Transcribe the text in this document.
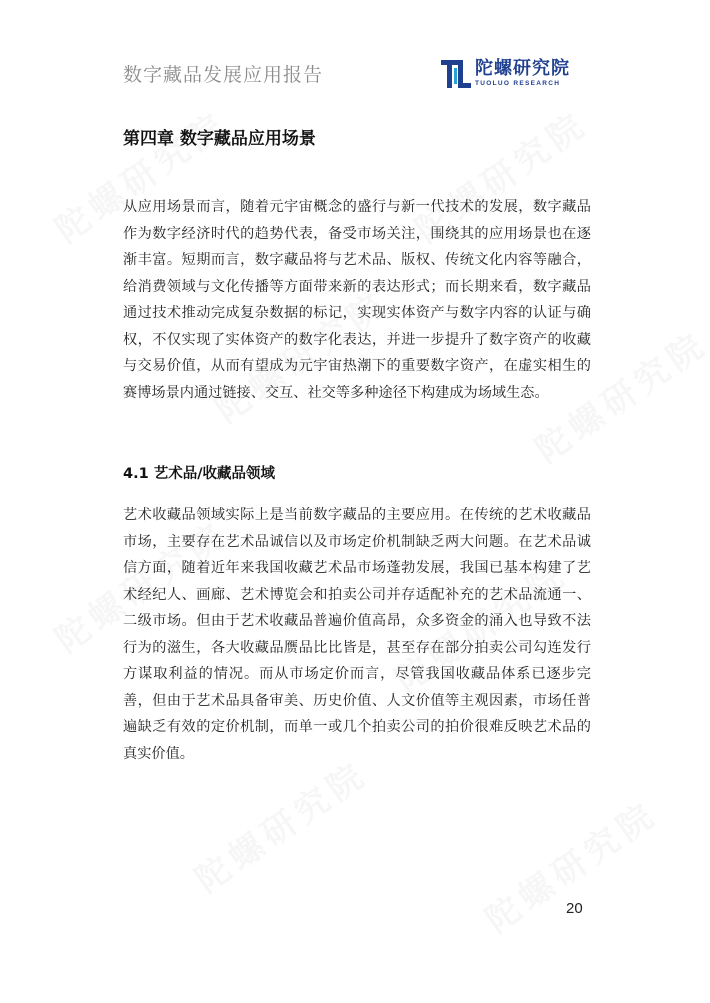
数字藏品发展应用报告	陀螺研究院
TUOLUO RESEARCH
第四章 数字藏品应用场景

从应用场景而言，随着元宇宙概念的盛行与新一代技术的发展，数字藏品作为数字经济时代的趋势代表，备受市场关注，围绕其的应用场景也在逐渐丰富。短期而言，数字藏品将与艺术品、版权、传统文化内容等融合，给消费领域与文化传播等方面带来新的表达形式；而长期来看，数字藏品通过技术推动完成复杂数据的标记，实现实体资产与数字内容的认证与确权，不仅实现了实体资产的数字化表达，并进一步提升了数字资产的收藏与交易价值，从而有望成为元宇宙热潮下的重要数字资产，在虚实相生的赛博场景内通过链接、交互、社交等多种途径下构建成为场域生态。

4.1 艺术品/收藏品领域

艺术收藏品领域实际上是当前数字藏品的主要应用。在传统的艺术收藏品市场，主要存在艺术品诚信以及市场定价机制缺乏两大问题。在艺术品诚信方面，随着近年来我国收藏艺术品市场蓬勃发展，我国已基本构建了艺术经纪人、画廊、艺术博览会和拍卖公司并存适配补充的艺术品流通一、二级市场。但由于艺术收藏品普遍价值高昂，众多资金的涌入也导致不法行为的滋生，各大收藏品赝品比比皆是，甚至存在部分拍卖公司勾连发行方谋取利益的情况。而从市场定价而言，尽管我国收藏品体系已逐步完善，但由于艺术品具备审美、历史价值、人文价值等主观因素，市场任普遍缺乏有效的定价机制，而单一或几个拍卖公司的拍价很难反映艺术品的真实价值。

20
